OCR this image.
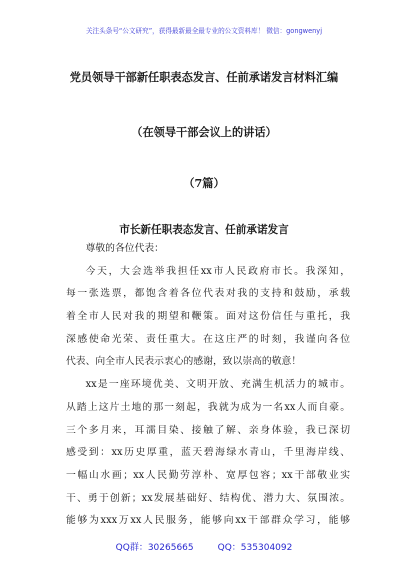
关注头条号“公文研究”，获得最新最全最专业的公文资料库！ 微信：gongwenyj
党员领导干部新任职表态发言、任前承诺发言材料汇编
（在领导干部会议上的讲话）
（7篇）
市长新任职表态发言、任前承诺发言
尊敬的各位代表：
今天，大会选举我担任xx市人民政府市长。我深知，
每一张选票，都饱含着各位代表对我的支持和鼓励，承载
着全市人民对我的期望和鞭策。面对这份信任与重托，我
深感使命光荣、责任重大。在这庄严的时刻，我谨向各位
代表、向全市人民表示衷心的感谢，致以崇高的敬意！
xx是一座环境优美、文明开放、充满生机活力的城市。
从踏上这片土地的那一刻起，我就为成为一名xx人而自豪。
三个多月来，耳濡目染、接触了解、亲身体验，我已深切
感受到：xx历史厚重，蓝天碧海绿水青山，千里海岸线、
一幅山水画；xx人民勤劳淳朴、宽厚包容；xx干部敬业实
干、勇于创新；xx发展基础好、结构优、潜力大、氛围浓。
能够为xxx万xx人民服务，能够向xx干部群众学习，能够
QQ群：30265665	QQ：535304092
